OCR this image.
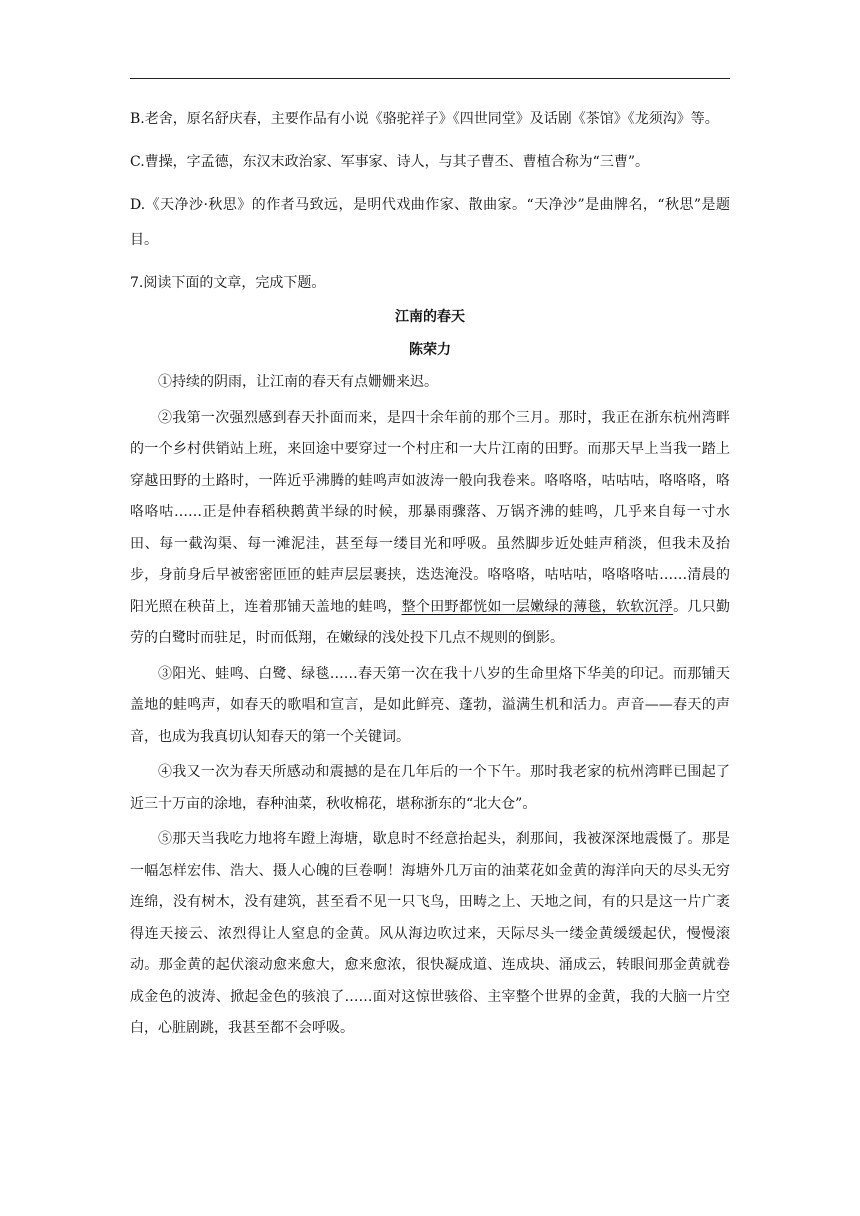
B.老舍，原名舒庆春，主要作品有小说《骆驼祥子》《四世同堂》及话剧《茶馆》《龙须沟》等。

C.曹操，字孟德，东汉末政治家、军事家、诗人，与其子曹丕、曹植合称为“三曹”。

D.《天净沙·秋思》的作者马致远，是明代戏曲作家、散曲家。“天净沙”是曲牌名，“秋思”是题目。

7.阅读下面的文章，完成下题。

江南的春天

陈荣力

①持续的阴雨，让江南的春天有点姗姗来迟。

②我第一次强烈感到春天扑面而来，是四十余年前的那个三月。那时，我正在浙东杭州湾畔的一个乡村供销站上班，来回途中要穿过一个村庄和一大片江南的田野。而那天早上当我一踏上穿越田野的土路时，一阵近乎沸腾的蛙鸣声如波涛一般向我卷来。咯咯咯，咕咕咕，咯咯咯，咯咯咯咕……正是仲春稻秧鹅黄半绿的时候，那暴雨骤落、万锅齐沸的蛙鸣，几乎来自每一寸水田、每一截沟渠、每一滩泥洼，甚至每一缕目光和呼吸。虽然脚步近处蛙声稍淡，但我未及抬步，身前身后早被密密匝匝的蛙声层层裹挟，迭迭淹没。咯咯咯，咕咕咕，咯咯咯咕……清晨的阳光照在秧苗上，连着那铺天盖地的蛙鸣，整个田野都恍如一层嫩绿的薄毯，软软沉浮。几只勤劳的白鹭时而驻足，时而低翔，在嫩绿的浅处投下几点不规则的倒影。

③阳光、蛙鸣、白鹭、绿毯……春天第一次在我十八岁的生命里烙下华美的印记。而那铺天盖地的蛙鸣声，如春天的歌唱和宣言，是如此鲜亮、蓬勃，溢满生机和活力。声音——春天的声音，也成为我真切认知春天的第一个关键词。

④我又一次为春天所感动和震撼的是在几年后的一个下午。那时我老家的杭州湾畔已围起了近三十万亩的涂地，春种油菜，秋收棉花，堪称浙东的“北大仓”。

⑤那天当我吃力地将车蹬上海塘，歇息时不经意抬起头，刹那间，我被深深地震慑了。那是一幅怎样宏伟、浩大、摄人心魄的巨卷啊！海塘外几万亩的油菜花如金黄的海洋向天的尽头无穷连绵，没有树木，没有建筑，甚至看不见一只飞鸟，田畴之上、天地之间，有的只是这一片广袤得连天接云、浓烈得让人窒息的金黄。风从海边吹过来，天际尽头一缕金黄缓缓起伏，慢慢滚动。那金黄的起伏滚动愈来愈大，愈来愈浓，很快凝成道、连成块、涌成云，转眼间那金黄就卷成金色的波涛、掀起金色的骇浪了……面对这惊世骇俗、主宰整个世界的金黄，我的大脑一片空白，心脏剧跳，我甚至都不会呼吸。
